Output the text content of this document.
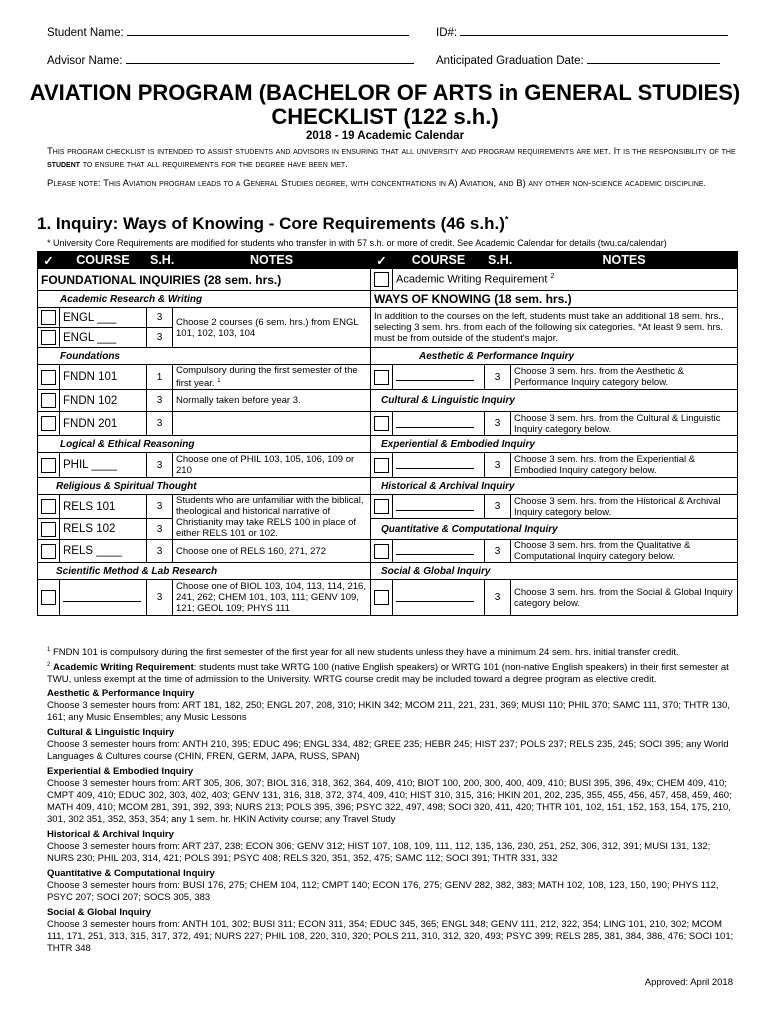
Student Name:	ID#:
Advisor Name:	Anticipated Graduation Date:
AVIATION PROGRAM (BACHELOR OF ARTS in GENERAL STUDIES)
CHECKLIST (122 s.h.)
2018 - 19 Academic Calendar
This program checklist is intended to assist students and advisors in ensuring that all university and program requirements are met. It is the responsibility of the student to ensure that all requirements for the degree have been met.
Please note: This Aviation program leads to a General Studies degree, with concentrations in A) Aviation, and B) any other non-science academic discipline.
1. Inquiry: Ways of Knowing - Core Requirements (46 s.h.)*
* University Core Requirements are modified for students who transfer in with 57 s.h. or more of credit. See Academic Calendar for details (twu.ca/calendar)
✓	COURSE	S.H.	NOTES	✓	COURSE	S.H.	NOTES
FOUNDATIONAL INQUIRIES (28 sem. hrs.)					Academic Writing Requirement $^2$
Academic Research & Writing				WAYS OF KNOWING (18 sem. hrs.)			
	ENGL ___	3	Choose 2 courses (6 sem. hrs.) from ENGL 101, 102, 103, 104	In addition to the courses on the left, students must take an additional 18 sem. hrs., selecting 3 sem. hrs. from each of the following six categories. *At least 9 sem. hrs. must be from outside of the student's major.			
	ENGL ___	3					
Foundations				Aesthetic & Performance Inquiry			
	FNDN 101	1	Compulsory during the first semester of the first year. $^1$			3	Choose 3 sem. hrs. from the Aesthetic & Performance Inquiry category below.
	FNDN 102	3	Normally taken before year 3.	Cultural & Linguistic Inquiry			
	FNDN 201	3				3	Choose 3 sem. hrs. from the Cultural & Linguistic Inquiry category below.
Logical & Ethical Reasoning				Experiential & Embodied Inquiry			
	PHIL ____	3	Choose one of PHIL 103, 105, 106, 109 or 210			3	Choose 3 sem. hrs. from the Experiential & Embodied Inquiry category below.
Religious & Spiritual Thought				Historical & Archival Inquiry			
	RELS 101	3	Students who are unfamiliar with the biblical, theological and historical narrative of Christianity may take RELS 100 in place of either RELS 101 or 102.			3	Choose 3 sem. hrs. from the Historical & Archival Inquiry category below.
	RELS 102	3		Quantitative & Computational Inquiry			
	RELS ____	3	Choose one of RELS 160, 271, 272			3	Choose 3 sem. hrs. from the Qualitative & Computational Inquiry category below.
Scientific Method & Lab Research				Social & Global Inquiry			
		3	Choose one of BIOL 103, 104, 113, 114, 216, 241, 262; CHEM 101, 103, 111; GENV 109, 121; GEOL 109; PHYS 111			3	Choose 3 sem. hrs. from the Social & Global Inquiry category below.
$^1$ FNDN 101 is compulsory during the first semester of the first year for all new students unless they have a minimum 24 sem. hrs. initial transfer credit.
$^2$ Academic Writing Requirement: students must take WRTG 100 (native English speakers) or WRTG 101 (non-native English speakers) in their first semester at TWU, unless exempt at the time of admission to the University. WRTG course credit may be included toward a degree program as elective credit.
Aesthetic & Performance Inquiry
Choose 3 semester hours from: ART 181, 182, 250; ENGL 207, 208, 310; HKIN 342; MCOM 211, 221, 231, 369; MUSI 110; PHIL 370; SAMC 111, 370; THTR 130, 161; any Music Ensembles; any Music Lessons
Cultural & Linguistic Inquiry
Choose 3 semester hours from: ANTH 210, 395; EDUC 496; ENGL 334, 482; GREE 235; HEBR 245; HIST 237; POLS 237; RELS 235, 245; SOCI 395; any World Languages & Cultures course (CHIN, FREN, GERM, JAPA, RUSS, SPAN)
Experiential & Embodied Inquiry
Choose 3 semester hours from: ART 305, 306, 307; BIOL 316, 318, 362, 364, 409, 410; BIOT 100, 200, 300, 400, 409, 410; BUSI 395, 396, 49x; CHEM 409, 410; CMPT 409, 410; EDUC 302, 303, 402, 403; GENV 131, 316, 318, 372, 374, 409, 410; HIST 310, 315, 316; HKIN 201, 202, 235, 355, 455, 456, 457, 458, 459, 460; MATH 409, 410; MCOM 281, 391, 392, 393; NURS 213; POLS 395, 396; PSYC 322, 497, 498; SOCI 320, 411, 420; THTR 101, 102, 151, 152, 153, 154, 175, 210, 301, 302 351, 352, 353, 354; any 1 sem. hr. HKIN Activity course; any Travel Study
Historical & Archival Inquiry
Choose 3 semester hours from: ART 237, 238; ECON 306; GENV 312; HIST 107, 108, 109, 111, 112, 135, 136, 230, 251, 252, 306, 312, 391; MUSI 131, 132; NURS 230; PHIL 203, 314, 421; POLS 391; PSYC 408; RELS 320, 351, 352, 475; SAMC 112; SOCI 391; THTR 331, 332
Quantitative & Computational Inquiry
Choose 3 semester hours from: BUSI 176, 275; CHEM 104, 112; CMPT 140; ECON 176, 275; GENV 282, 382, 383; MATH 102, 108, 123, 150, 190; PHYS 112, PSYC 207; SOCI 207; SOCS 305, 383
Social & Global Inquiry
Choose 3 semester hours from: ANTH 101, 302; BUSI 311; ECON 311, 354; EDUC 345, 365; ENGL 348; GENV 111, 212, 322, 354; LING 101, 210, 302; MCOM 111, 171, 251, 313, 315, 317, 372, 491; NURS 227; PHIL 108, 220, 310, 320; POLS 211, 310, 312, 320, 493; PSYC 399; RELS 285, 381, 384, 386, 476; SOCI 101; THTR 348
Approved: April 2018
